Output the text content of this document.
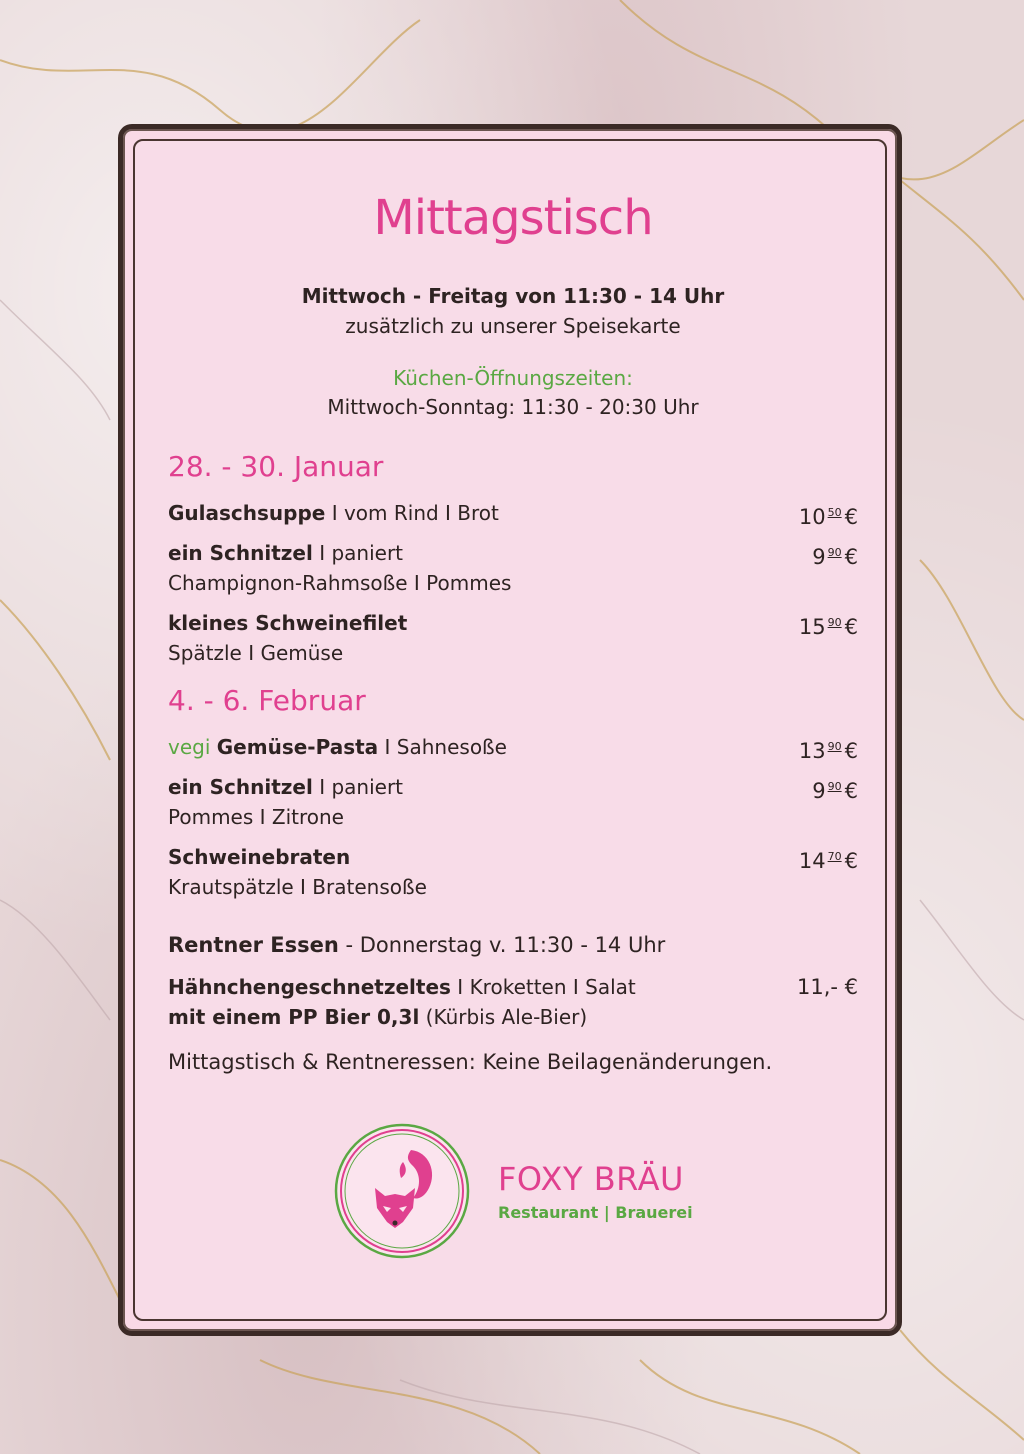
Mittagstisch
Mittwoch - Freitag von 11:30 - 14 Uhr
zusätzlich zu unserer Speisekarte
Küchen-Öffnungszeiten:
Mittwoch-Sonntag: 11:30 - 20:30 Uhr
28. - 30. Januar
Gulaschsuppe I vom Rind I Brot	10 $^{50}$ €
ein Schnitzel I paniert
Champignon-Rahmsoße I Pommes
9 $^{90}$ €
kleines Schweinefilet
Spätzle I Gemüse
15 $^{90}$ €
4. - 6. Februar
vegi Gemüse-Pasta I Sahnesoße	13 $^{90}$ €
ein Schnitzel I paniert
Pommes I Zitrone
9 $^{90}$ €
Schweinebraten
Krautspätzle I Bratensoße
14 $^{70}$ €
Rentner Essen - Donnerstag v. 11:30 - 14 Uhr
Hähnchengeschnetzeltes I Kroketten I Salat
mit einem PP Bier 0,3l (Kürbis Ale-Bier)
11,- €
Mittagstisch & Rentneressen: Keine Beilagenänderungen.
FOXY BRÄU
Restaurant | Brauerei
